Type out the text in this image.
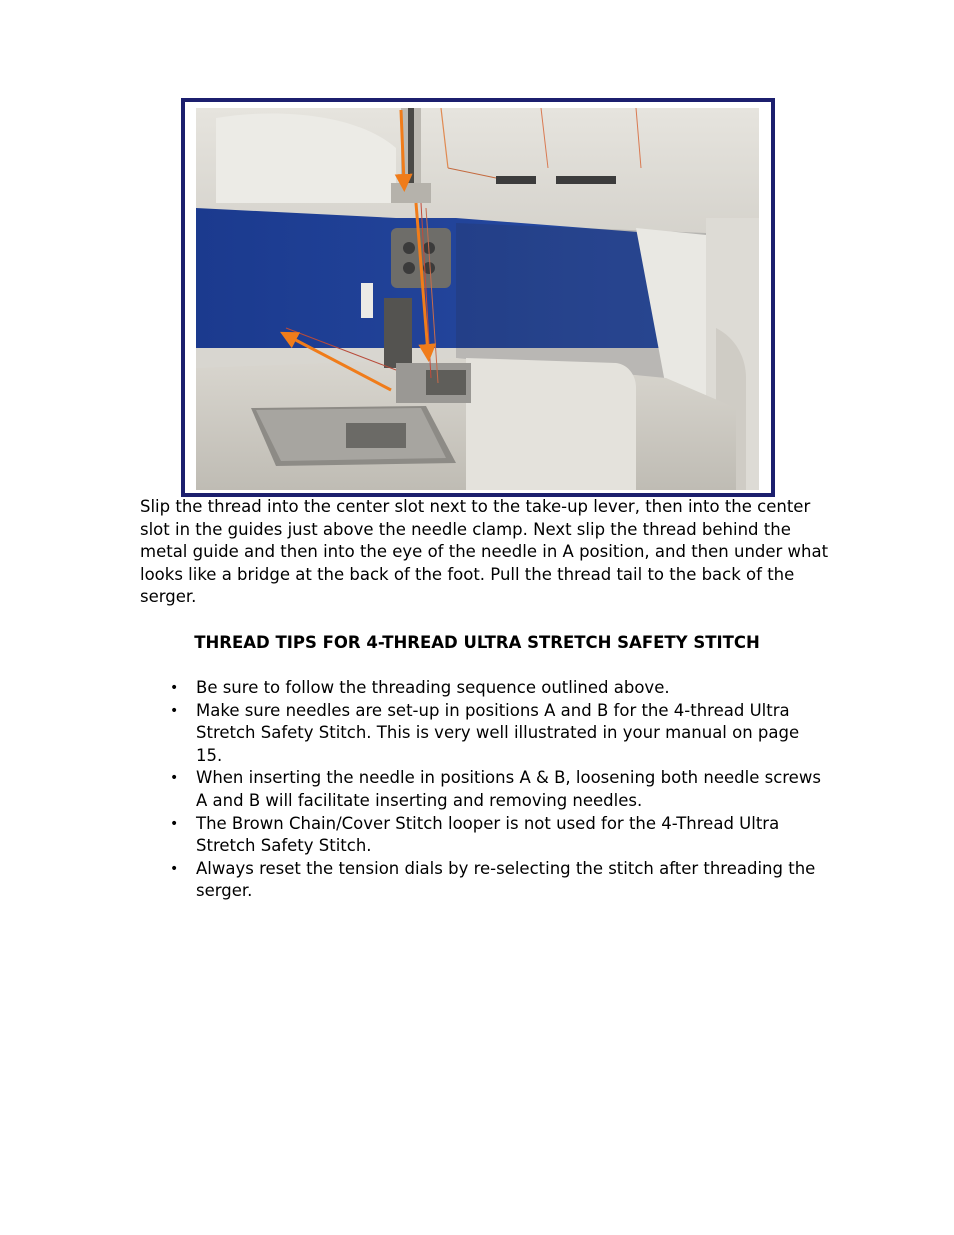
Slip the thread into the center slot next to the take-up lever, then into the center slot in the guides just above the needle clamp. Next slip the thread behind the metal guide and then into the eye of the needle in A position, and then under what looks like a bridge at the back of the foot. Pull the thread tail to the back of the serger.

THREAD TIPS FOR 4-THREAD ULTRA STRETCH SAFETY STITCH
• Be sure to follow the threading sequence outlined above.
• Make sure needles are set-up in positions A and B for the 4-thread Ultra Stretch Safety Stitch. This is very well illustrated in your manual on page 15.
• When inserting the needle in positions A & B, loosening both needle screws A and B will facilitate inserting and removing needles.
• The Brown Chain/Cover Stitch looper is not used for the 4-Thread Ultra Stretch Safety Stitch.
• Always reset the tension dials by re-selecting the stitch after threading the serger.
